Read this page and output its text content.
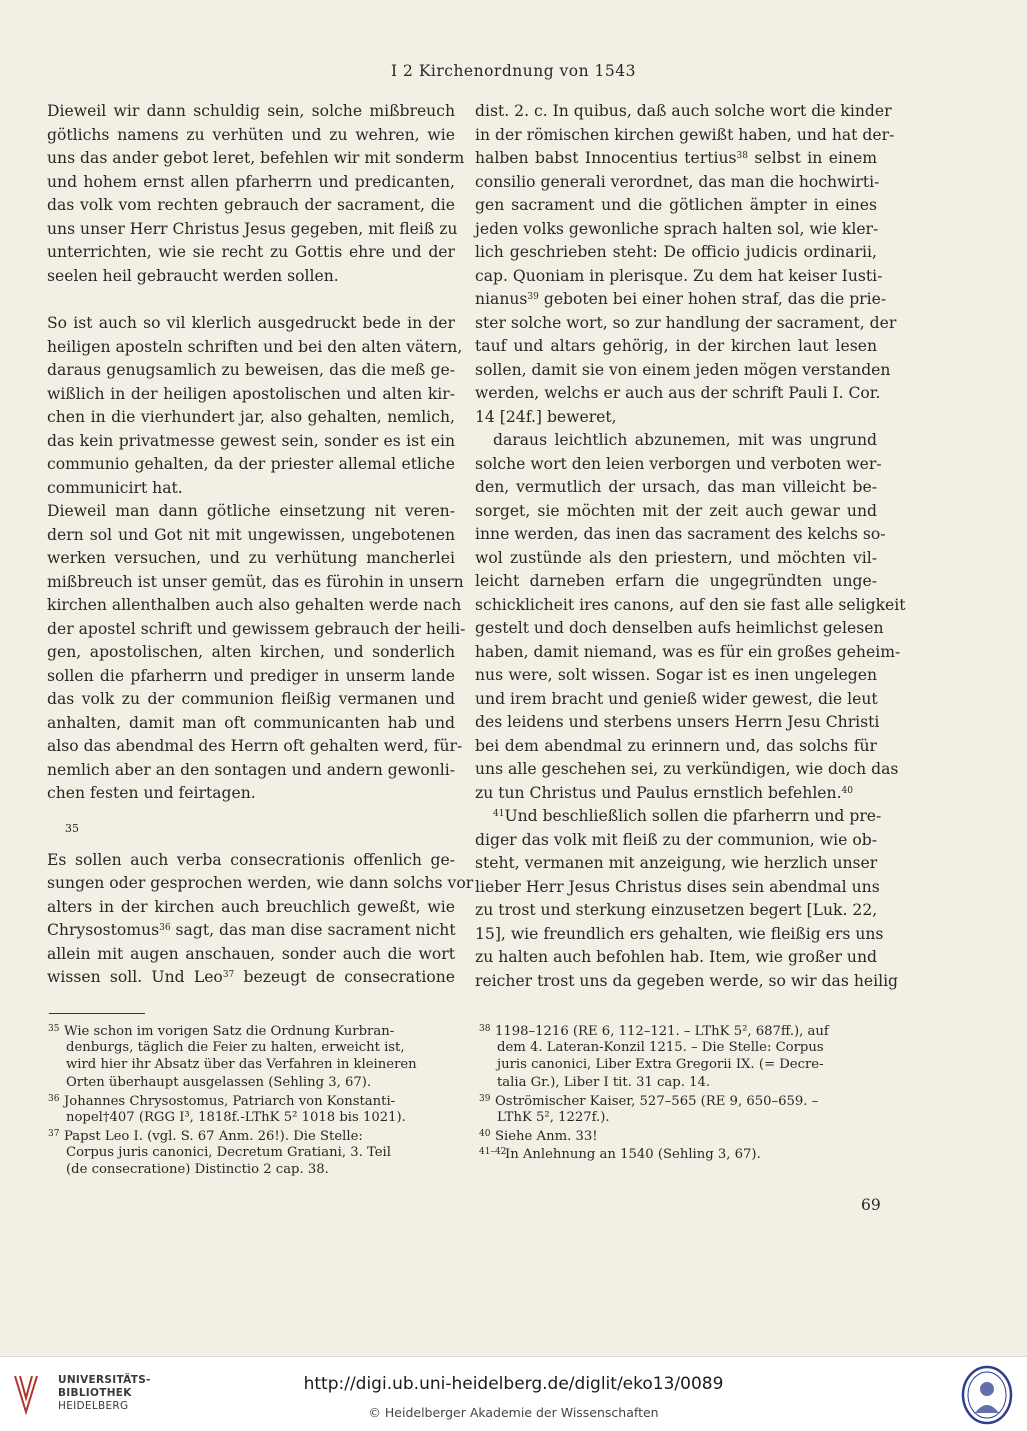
I 2 Kirchenordnung von 1543
Dieweil wir dann schuldig sein, solche mißbreuch
götlichs namens zu verhüten und zu wehren, wie
uns das ander gebot leret, befehlen wir mit sonderm
und hohem ernst allen pfarherrn und predicanten,
das volk vom rechten gebrauch der sacrament, die
uns unser Herr Christus Jesus gegeben, mit fleiß zu
unterrichten, wie sie recht zu Gottis ehre und der
seelen heil gebraucht werden sollen.
So ist auch so vil klerlich ausgedruckt bede in der
heiligen aposteln schriften und bei den alten vätern,
daraus genugsamlich zu beweisen, das die meß ge-
wißlich in der heiligen apostolischen und alten kir-
chen in die vierhundert jar, also gehalten, nemlich,
das kein privatmesse gewest sein, sonder es ist ein
communio gehalten, da der priester allemal etliche
communicirt hat.
Dieweil man dann götliche einsetzung nit veren-
dern sol und Got nit mit ungewissen, ungebotenen
werken versuchen, und zu verhütung mancherlei
mißbreuch ist unser gemüt, das es fürohin in unsern
kirchen allenthalben auch also gehalten werde nach
der apostel schrift und gewissem gebrauch der heili-
gen, apostolischen, alten kirchen, und sonderlich
sollen die pfarherrn und prediger in unserm lande
das volk zu der communion fleißig vermanen und
anhalten, damit man oft communicanten hab und
also das abendmal des Herrn oft gehalten werd, für-
nemlich aber an den sontagen und andern gewonli-
chen festen und feirtagen.
35
Es sollen auch verba consecrationis offenlich ge-
sungen oder gesprochen werden, wie dann solchs vor
alters in der kirchen auch breuchlich geweßt, wie
Chrysostomus$^{36}$ sagt, das man dise sacrament nicht
allein mit augen anschauen, sonder auch die wort
wissen soll. Und Leo$^{37}$ bezeugt de consecratione
dist. 2. c. In quibus, daß auch solche wort die kinder
in der römischen kirchen gewißt haben, und hat der-
halben babst Innocentius tertius$^{38}$ selbst in einem
consilio generali verordnet, das man die hochwirti-
gen sacrament und die götlichen ämpter in eines
jeden volks gewonliche sprach halten sol, wie kler-
lich geschrieben steht: De officio judicis ordinarii,
cap. Quoniam in plerisque. Zu dem hat keiser Iusti-
nianus$^{39}$ geboten bei einer hohen straf, das die prie-
ster solche wort, so zur handlung der sacrament, der
tauf und altars gehörig, in der kirchen laut lesen
sollen, damit sie von einem jeden mögen verstanden
werden, welchs er auch aus der schrift Pauli I. Cor.
14 [24f.] beweret,
daraus leichtlich abzunemen, mit was ungrund
solche wort den leien verborgen und verboten wer-
den, vermutlich der ursach, das man villeicht be-
sorget, sie möchten mit der zeit auch gewar und
inne werden, das inen das sacrament des kelchs so-
wol zustünde als den priestern, und möchten vil-
leicht darneben erfarn die ungegründten unge-
schicklicheit ires canons, auf den sie fast alle seligkeit
gestelt und doch denselben aufs heimlichst gelesen
haben, damit niemand, was es für ein großes geheim-
nus were, solt wissen. Sogar ist es inen ungelegen
und irem bracht und genieß wider gewest, die leut
des leidens und sterbens unsers Herrn Jesu Christi
bei dem abendmal zu erinnern und, das solchs für
uns alle geschehen sei, zu verkündigen, wie doch das
zu tun Christus und Paulus ernstlich befehlen.$^{40}$
$^{41}$Und beschließlich sollen die pfarherrn und pre-
diger das volk mit fleiß zu der communion, wie ob-
steht, vermanen mit anzeigung, wie herzlich unser
lieber Herr Jesus Christus dises sein abendmal uns
zu trost und sterkung einzusetzen begert [Luk. 22,
15], wie freundlich ers gehalten, wie fleißig ers uns
zu halten auch befohlen hab. Item, wie großer und
reicher trost uns da gegeben werde, so wir das heilig
35 Wie schon im vorigen Satz die Ordnung Kurbran-
denburgs, täglich die Feier zu halten, erweicht ist,
wird hier ihr Absatz über das Verfahren in kleineren
Orten überhaupt ausgelassen (Sehling 3, 67).
36 Johannes Chrysostomus, Patriarch von Konstanti-
nopel†407 (RGG I³, 1818f.-LThK 5² 1018 bis 1021).
37 Papst Leo I. (vgl. S. 67 Anm. 26!). Die Stelle:
Corpus juris canonici, Decretum Gratiani, 3. Teil
(de consecratione) Distinctio 2 cap. 38.
38 1198–1216 (RE 6, 112–121. – LThK 5², 687ff.), auf
dem 4. Lateran-Konzil 1215. – Die Stelle: Corpus
juris canonici, Liber Extra Gregorii IX. (= Decre-
talia Gr.), Liber I tit. 31 cap. 14.
39 Oströmischer Kaiser, 527–565 (RE 9, 650–659. –
LThK 5², 1227f.).
40 Siehe Anm. 33!
41–42In Anlehnung an 1540 (Sehling 3, 67).
69
UNIVERSITÄTS-
BIBLIOTHEK
HEIDELBERG
http://digi.ub.uni-heidelberg.de/diglit/eko13/0089
© Heidelberger Akademie der Wissenschaften
